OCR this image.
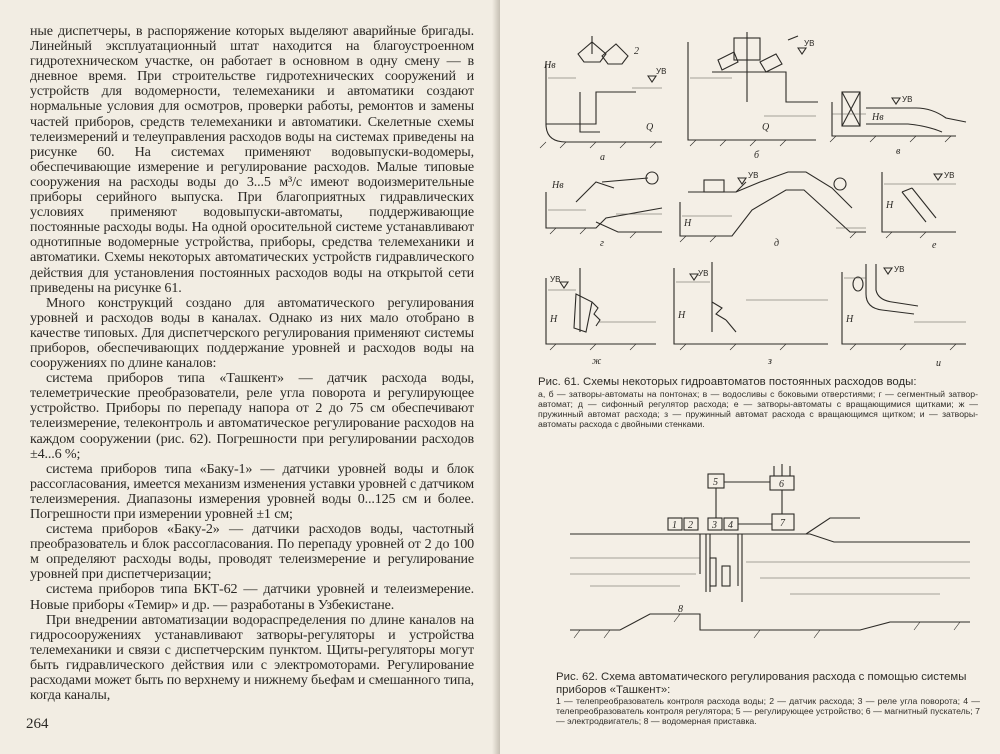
ные диспетчеры, в распоряжение которых выделяют аварийные бригады. Линейный эксплуатационный штат находится на благоустроенном гидротехническом участке, он работает в основном в одну смену — в дневное время. При строительстве гидротехнических сооружений и устройств для водомерности, телемеханики и автоматики создают нормальные условия для осмотров, проверки работы, ремонтов и замены частей приборов, средств телемеханики и автоматики. Скелетные схемы телеизмерений и телеуправления расходов воды на системах приведены на рисунке 60. На системах применяют водовыпуски-водомеры, обеспечивающие измерение и регулирование расходов. Малые типовые сооружения на расходы воды до 3...5 м³/с имеют водоизмерительные приборы серийного выпуска. При благоприятных гидравлических условиях применяют водовыпуски-автоматы, поддерживающие постоянные расходы воды. На одной оросительной системе устанавливают однотипные водомерные устройства, приборы, средства телемеханики и автоматики. Схемы некоторых автоматических устройств гидравлического действия для установления постоянных расходов воды на открытой сети приведены на рисунке 61.

Много конструкций создано для автоматического регулирования уровней и расходов воды в каналах. Однако из них мало отобрано в качестве типовых. Для диспетчерского регулирования применяют системы приборов, обеспечивающих поддержание уровней и расходов воды на сооружениях по длине каналов:

система приборов типа «Ташкент» — датчик расхода воды, телеметрические преобразователи, реле угла поворота и регулирующее устройство. Приборы по перепаду напора от 2 до 75 см обеспечивают телеизмерение, телеконтроль и автоматическое регулирование расходов на каждом сооружении (рис. 62). Погрешности при регулировании расходов ±4...6 %;

система приборов типа «Баку-1» — датчики уровней воды и блок рассогласования, имеется механизм изменения уставки уровней с датчиком телеизмерения. Диапазоны измерения уровней воды 0...125 см и более. Погрешности при измерении уровней ±1 см;

система приборов «Баку-2» — датчики расходов воды, частотный преобразователь и блок рассогласования. По перепаду уровней от 2 до 100 м определяют расходы воды, проводят телеизмерение и регулирование уровней при диспетчеризации;

система приборов типа БКТ-62 — датчики уровней и телеизмерение. Новые приборы «Темир» и др. — разработаны в Узбекистане.

При внедрении автоматизации водораспределения по длине каналов на гидросооружениях устанавливают затворы-регуляторы и устройства телемеханики и связи с диспетчерским пунктом. Щиты-регуляторы могут быть гидравлического действия или с электромоторами. Регулирование расходами может быть по верхнему и нижнему бьефам и смешанного типа, когда каналы,

264
Hв
УВ
Q
2
а
УВ
Q
б
УВ
Hв
в
Hв
г
УВ
H
д
УВ
H
е
УВ
H
ж
УВ
H
з
УВ
H
и
Рис. 61. Схемы некоторых гидроавтоматов постоянных расходов воды:
а, б — затворы-автоматы на понтонах; в — водосливы с боковыми отверстиями; г — сегментный затвор-автомат; д — сифонный регулятор расхода; е — затворы-автоматы с вращающимися щитками; ж — пружинный автомат расхода; з — пружинный автомат расхода с вращающимся щитком; и — затворы-автоматы расхода с двойными стенками.
5	6
1 2 3 4	7
8
Рис. 62. Схема автоматического регулирования расхода с помощью системы приборов «Ташкент»:
1 — телепреобразователь контроля расхода воды; 2 — датчик расхода; 3 — реле угла поворота; 4 — телепреобразователь контроля регулятора; 5 — регулирующее устройство; 6 — магнитный пускатель; 7 — электродвигатель; 8 — водомерная приставка.
